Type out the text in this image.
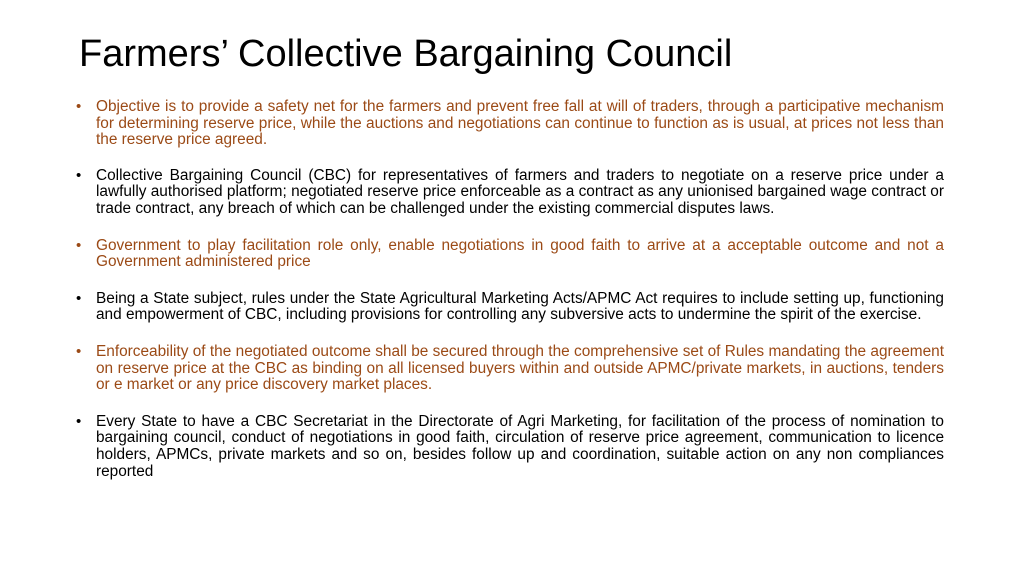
Farmers’ Collective Bargaining Council
• Objective is to provide a safety net for the farmers and prevent free fall at will of traders, through a participative mechanism for determining reserve price, while the auctions and negotiations can continue to function as is usual, at prices not less than the reserve price agreed.
• Collective Bargaining Council (CBC) for representatives of farmers and traders to negotiate on a reserve price under a lawfully authorised platform; negotiated reserve price enforceable as a contract as any unionised bargained wage contract or trade contract, any breach of which can be challenged under the existing commercial disputes laws.
• Government to play facilitation role only, enable negotiations in good faith to arrive at a acceptable outcome and not a Government administered price
• Being a State subject, rules under the State Agricultural Marketing Acts/APMC Act requires to include setting up, functioning and empowerment of CBC, including provisions for controlling any subversive acts to undermine the spirit of the exercise.
• Enforceability of the negotiated outcome shall be secured through the comprehensive set of Rules mandating the agreement on reserve price at the CBC as binding on all licensed buyers within and outside APMC/private markets, in auctions, tenders or e market or any price discovery market places.
• Every State to have a CBC Secretariat in the Directorate of Agri Marketing, for facilitation of the process of nomination to bargaining council, conduct of negotiations in good faith, circulation of reserve price agreement, communication to licence holders, APMCs, private markets and so on, besides follow up and coordination, suitable action on any non compliances reported
